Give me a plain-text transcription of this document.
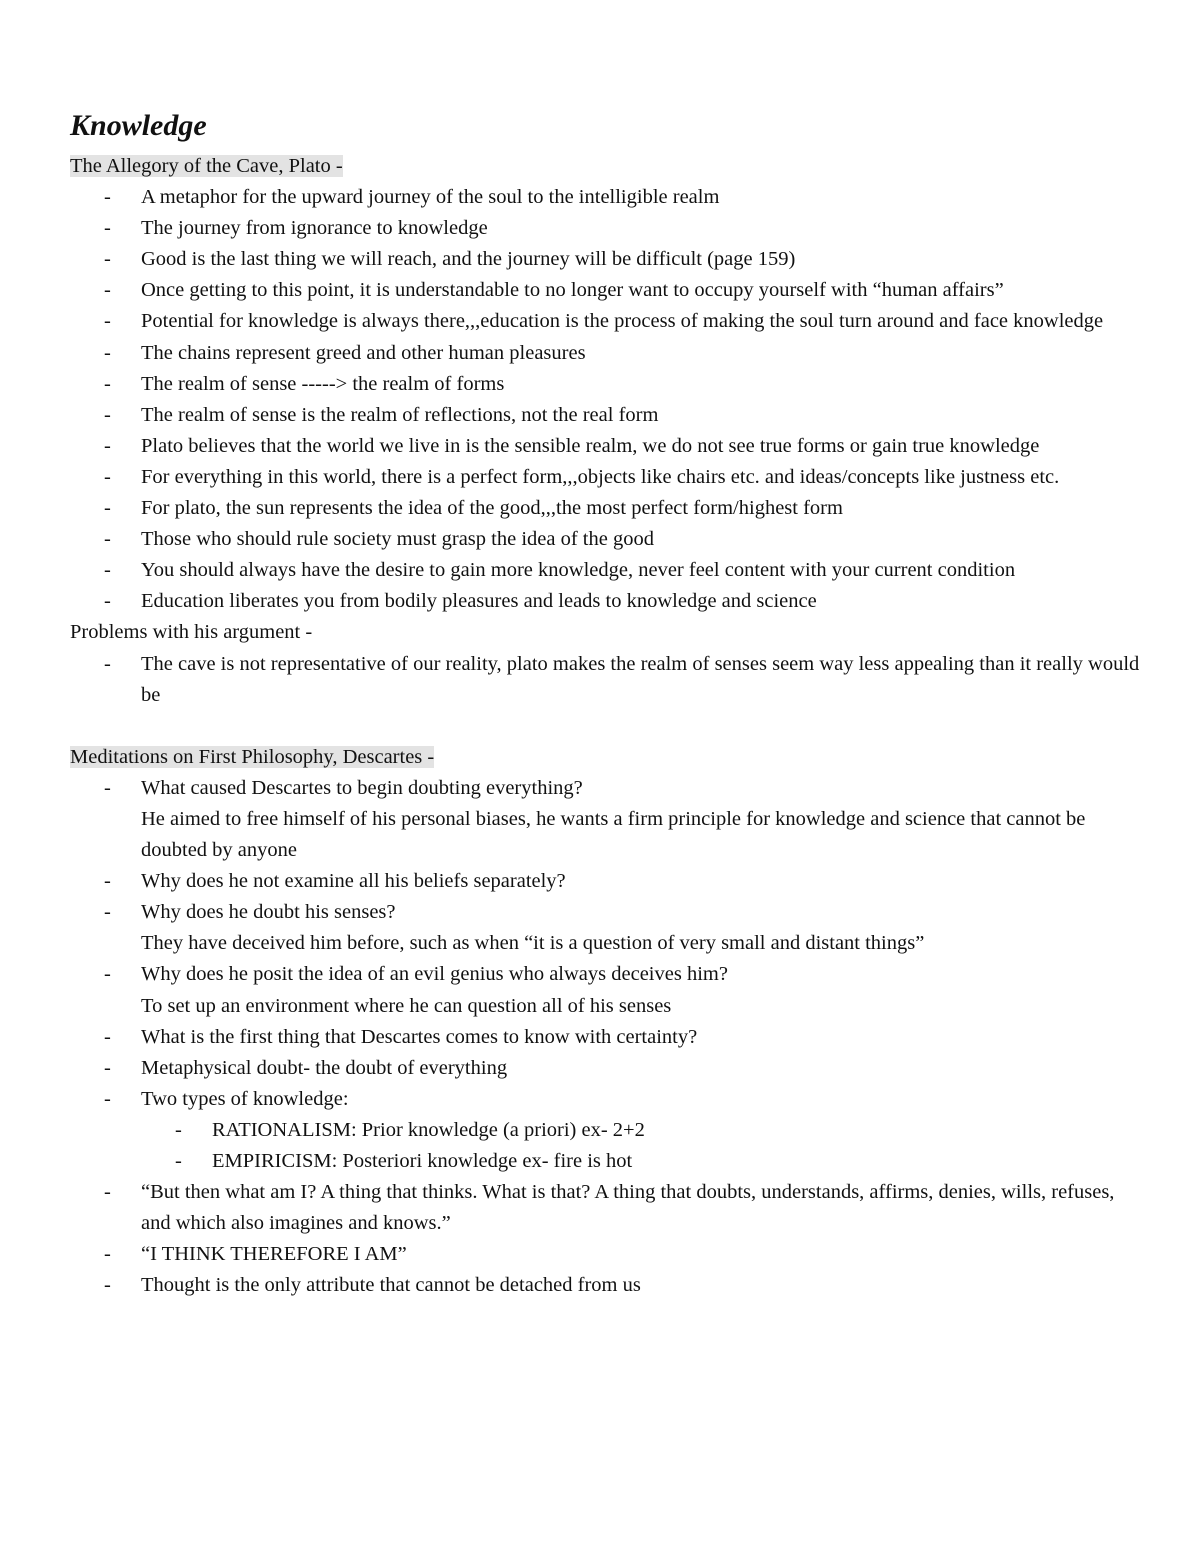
Knowledge
The Allegory of the Cave, Plato -
- A metaphor for the upward journey of the soul to the intelligible realm
- The journey from ignorance to knowledge
- Good is the last thing we will reach, and the journey will be difficult (page 159)
- Once getting to this point, it is understandable to no longer want to occupy yourself with “human affairs”
- Potential for knowledge is always there,,,education is the process of making the soul turn around and face knowledge
- The chains represent greed and other human pleasures
- The realm of sense -----> the realm of forms
- The realm of sense is the realm of reflections, not the real form
- Plato believes that the world we live in is the sensible realm, we do not see true forms or gain true knowledge
- For everything in this world, there is a perfect form,,,objects like chairs etc. and ideas/concepts like justness etc.
- For plato, the sun represents the idea of the good,,,the most perfect form/highest form
- Those who should rule society must grasp the idea of the good
- You should always have the desire to gain more knowledge, never feel content with your current condition
- Education liberates you from bodily pleasures and leads to knowledge and science
Problems with his argument -
- The cave is not representative of our reality, plato makes the realm of senses seem way less appealing than it really would be
Meditations on First Philosophy, Descartes -
- What caused Descartes to begin doubting everything?
He aimed to free himself of his personal biases, he wants a firm principle for knowledge and science that cannot be doubted by anyone
- Why does he not examine all his beliefs separately?
- Why does he doubt his senses?
They have deceived him before, such as when “it is a question of very small and distant things”
- Why does he posit the idea of an evil genius who always deceives him?
To set up an environment where he can question all of his senses
- What is the first thing that Descartes comes to know with certainty?
- Metaphysical doubt- the doubt of everything
- Two types of knowledge:
- RATIONALISM: Prior knowledge (a priori) ex- 2+2
- EMPIRICISM: Posteriori knowledge ex- fire is hot
- “But then what am I? A thing that thinks. What is that? A thing that doubts, understands, affirms, denies, wills, refuses, and which also imagines and knows.”
- “I THINK THEREFORE I AM”
- Thought is the only attribute that cannot be detached from us
